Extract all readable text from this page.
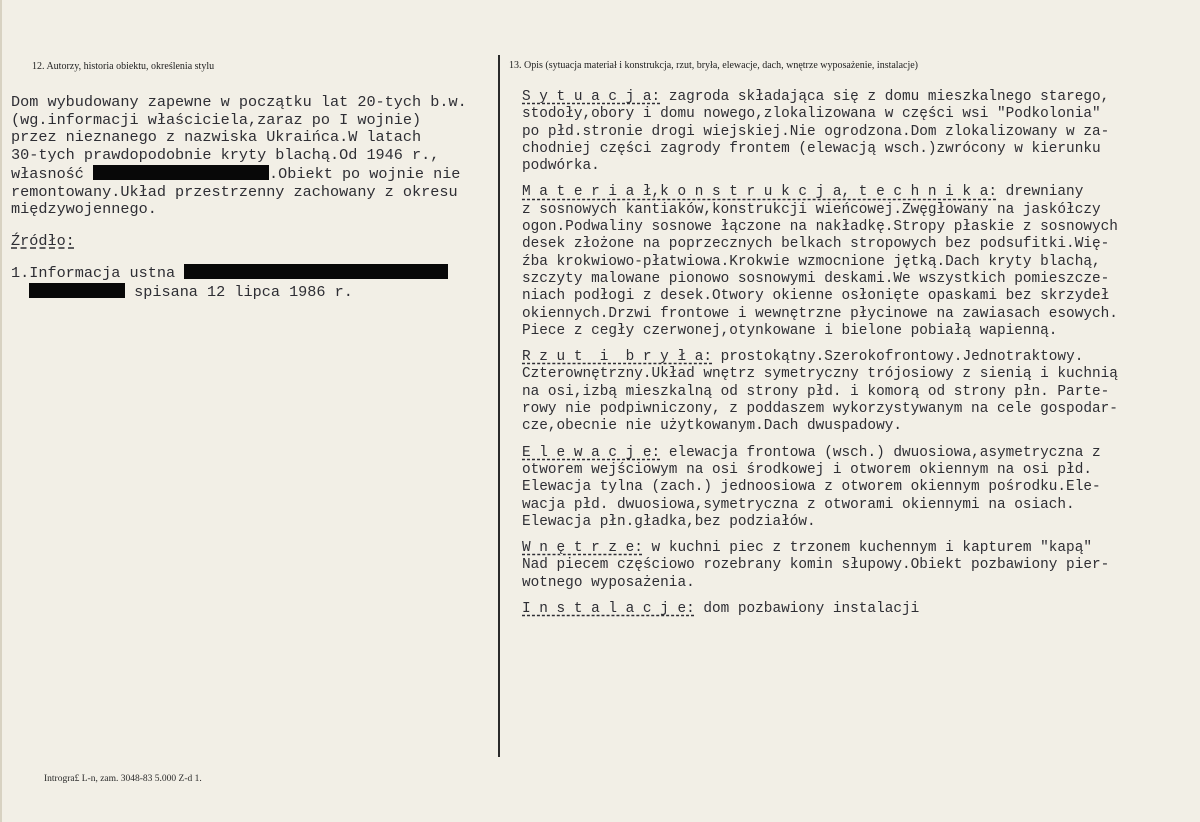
12. Autorzy, historia obiektu, określenia stylu	13. Opis (sytuacja materiał i konstrukcja, rzut, bryła, elewacje, dach, wnętrze wyposażenie, instalacje)
Dom wybudowany zapewne w początku lat 20-tych b.w.
(wg.informacji właściciela,zaraz po I wojnie)
przez nieznanego z nazwiska Ukraińca.W latach
30-tych prawdopodobnie kryty blachą.Od 1946 r.,
własność	.Obiekt po wojnie nie
remontowany.Układ przestrzenny zachowany z okresu
międzywojennego.
Źródło:
1.Informacja ustna
spisana 12 lipca 1986 r.

S y t u a c j a: zagroda składająca się z domu mieszkalnego starego,
stodoły,obory i domu nowego,zlokalizowana w części wsi "Podkolonia"
po płd.stronie drogi wiejskiej.Nie ogrodzona.Dom zlokalizowany w za-
chodniej części zagrody frontem (elewacją wsch.)zwrócony w kierunku
podwórka.

M a t e r i a ł,k o n s t r u k c j a, t e c h n i k a: drewniany
z sosnowych kantiaków,konstrukcji wieńcowej.Zwęgłowany na jaskółczy
ogon.Podwaliny sosnowe łączone na nakładkę.Stropy płaskie z sosnowych
desek złożone na poprzecznych belkach stropowych bez podsufitki.Wię-
źba krokwiowo-płatwiowa.Krokwie wzmocnione jętką.Dach kryty blachą,
szczyty malowane pionowo sosnowymi deskami.We wszystkich pomieszcze-
niach podłogi z desek.Otwory okienne osłonięte opaskami bez skrzydeł
okiennych.Drzwi frontowe i wewnętrzne płycinowe na zawiasach esowych.
Piece z cegły czerwonej,otynkowane i bielone pobiałą wapienną.

R z u t  i  b r y ł a: prostokątny.Szerokofrontowy.Jednotraktowy.
Czterownętrzny.Układ wnętrz symetryczny trójosiowy z sienią i kuchnią
na osi,izbą mieszkalną od strony płd. i komorą od strony płn. Parte-
rowy nie podpiwniczony, z poddaszem wykorzystywanym na cele gospodar-
cze,obecnie nie użytkowanym.Dach dwuspadowy.

E l e w a c j e: elewacja frontowa (wsch.) dwuosiowa,asymetryczna z
otworem wejściowym na osi środkowej i otworem okiennym na osi płd.
Elewacja tylna (zach.) jednoosiowa z otworem okiennym pośrodku.Ele-
wacja płd. dwuosiowa,symetryczna z otworami okiennymi na osiach.
Elewacja płn.gładka,bez podziałów.

W n ę t r z e: w kuchni piec z trzonem kuchennym i kapturem "kapą"
Nad piecem częściowo rozebrany komin słupowy.Obiekt pozbawiony pier-
wotnego wyposażenia.

I n s t a l a c j e: dom pozbawiony instalacji

Introgra£ L-n, zam. 3048-83 5.000 Z-d 1.
